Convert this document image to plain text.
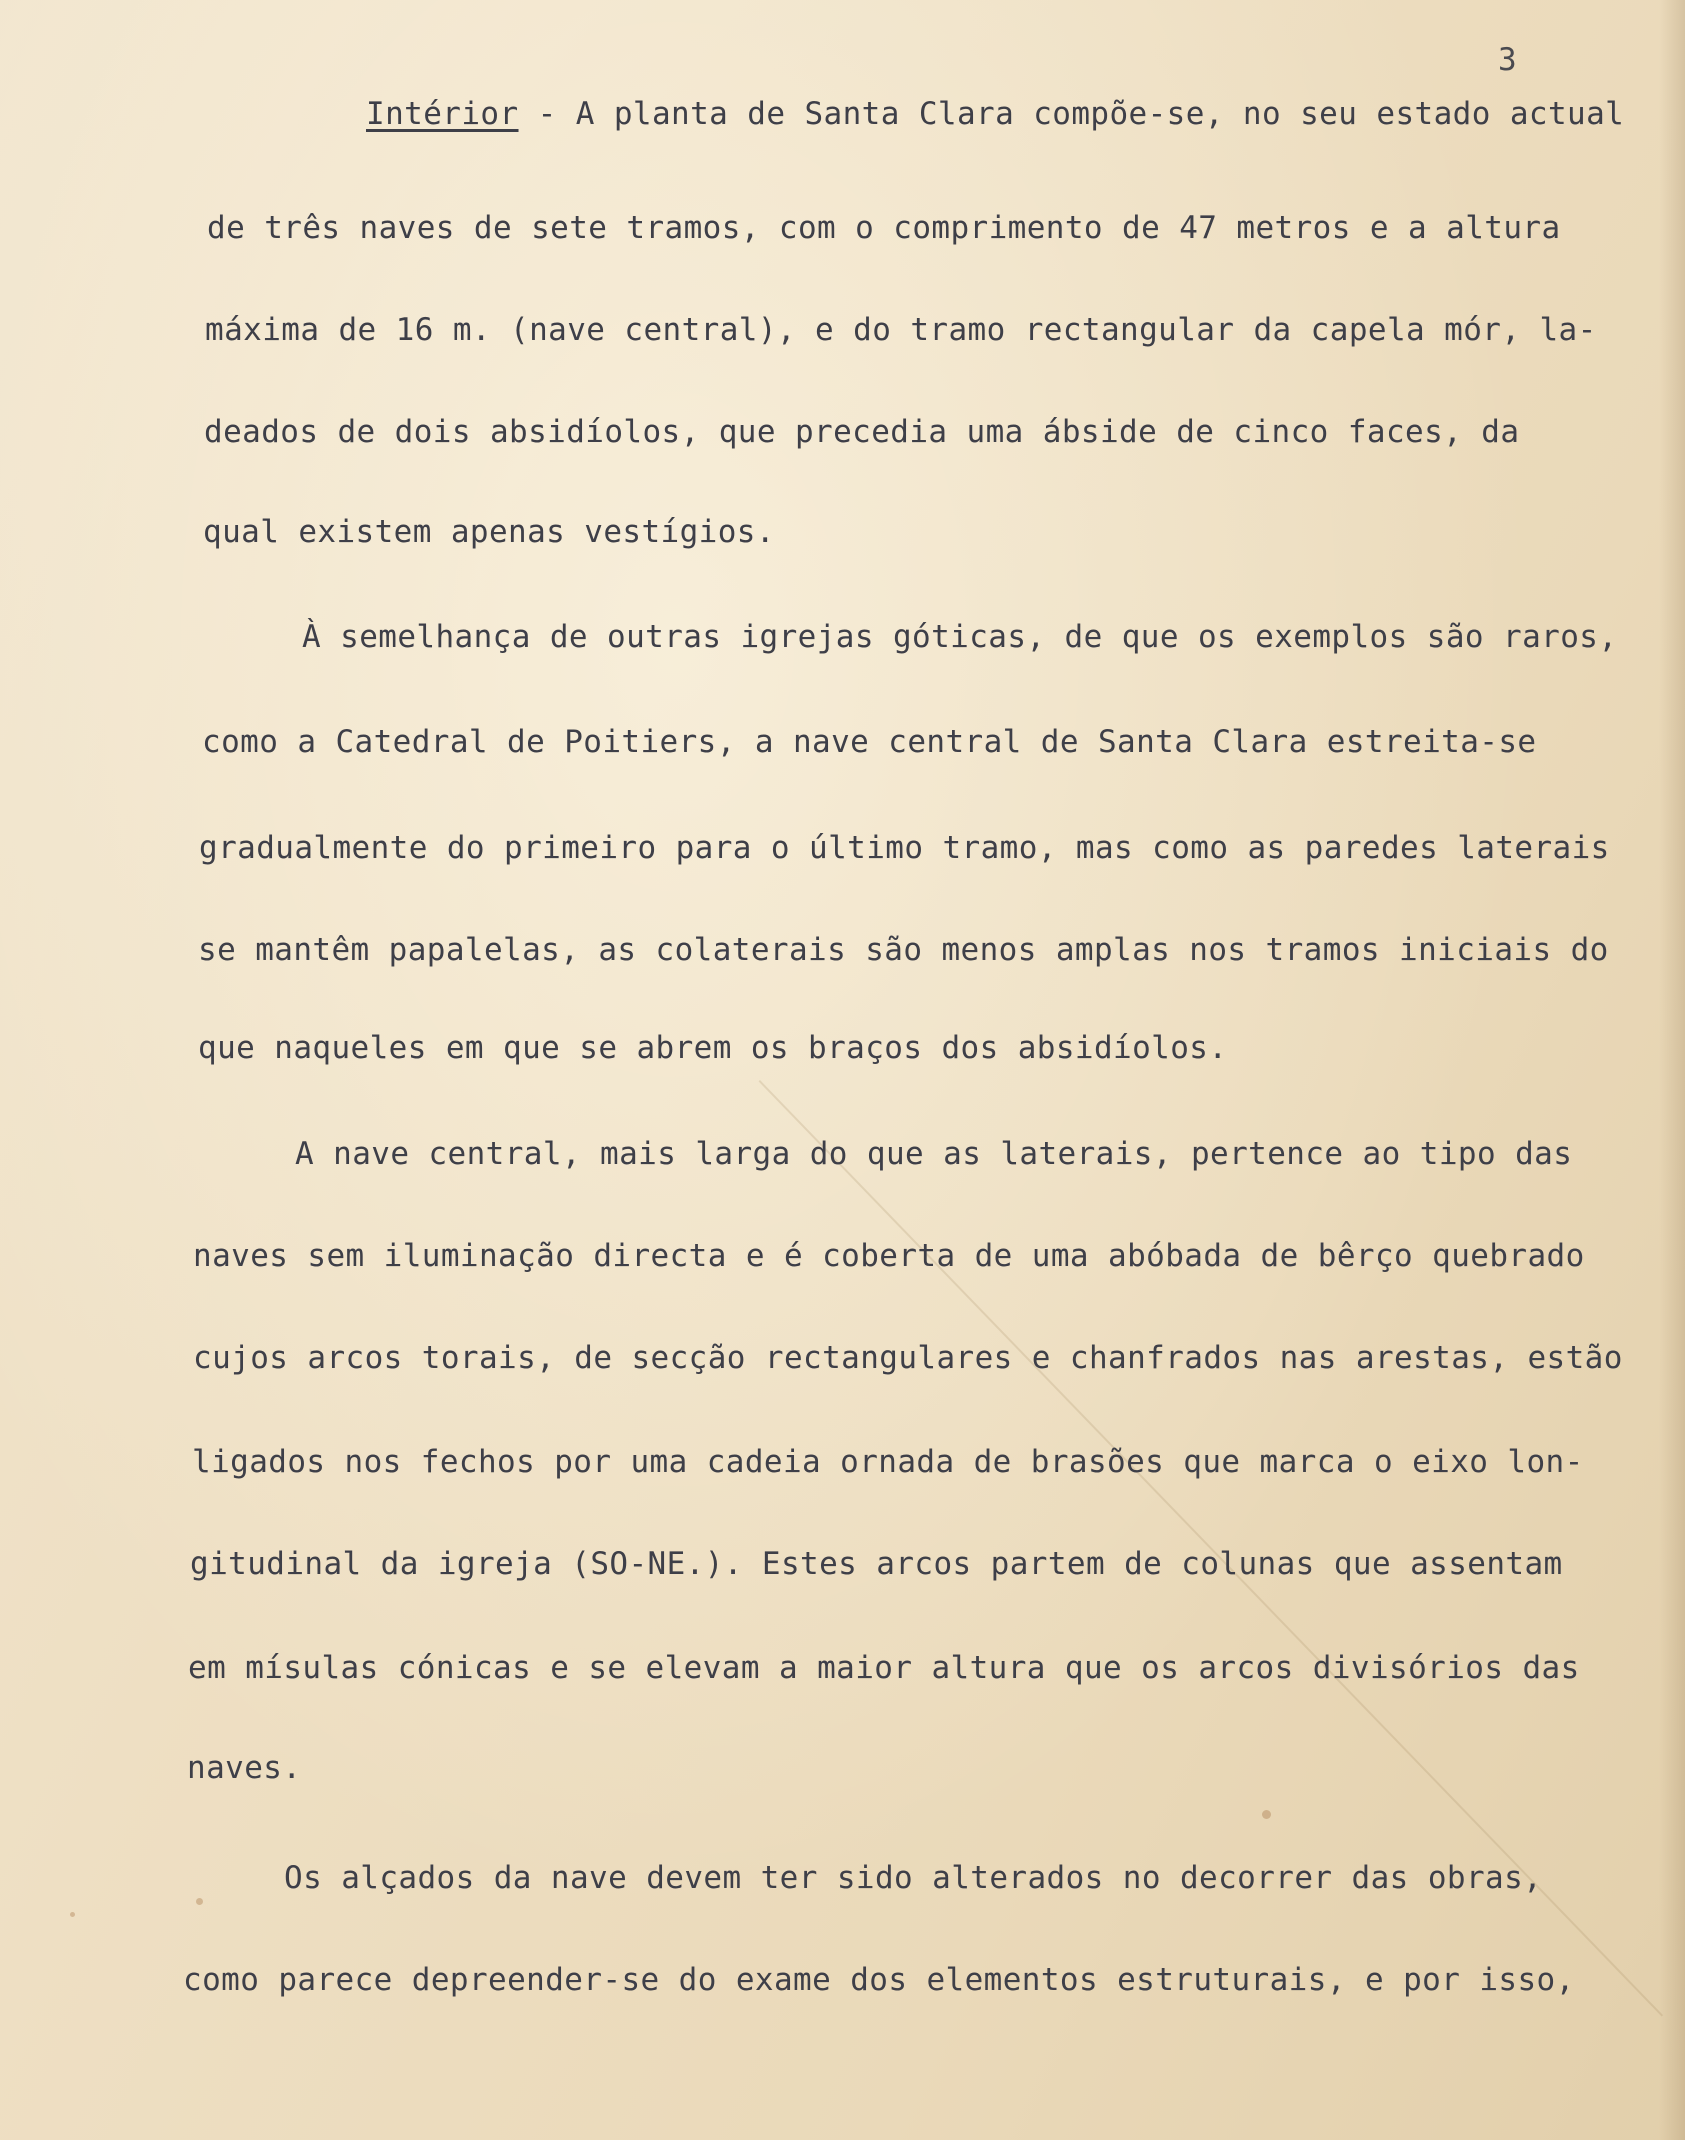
3
Intérior - A planta de Santa Clara compõe-se, no seu estado actual
de três naves de sete tramos, com o comprimento de 47 metros e a altura
máxima de 16 m. (nave central), e do tramo rectangular da capela mór, la-
deados de dois absidíolos, que precedia uma ábside de cinco faces, da
qual existem apenas vestígios.
À semelhança de outras igrejas góticas, de que os exemplos são raros,
como a Catedral de Poitiers, a nave central de Santa Clara estreita-se
gradualmente do primeiro para o último tramo, mas como as paredes laterais
se mantêm papalelas, as colaterais são menos amplas nos tramos iniciais do
que naqueles em que se abrem os braços dos absidíolos.
A nave central, mais larga do que as laterais, pertence ao tipo das
naves sem iluminação directa e é coberta de uma abóbada de bêrço quebrado
cujos arcos torais, de secção rectangulares e chanfrados nas arestas, estão
ligados nos fechos por uma cadeia ornada de brasões que marca o eixo lon-
gitudinal da igreja (SO-NE.). Estes arcos partem de colunas que assentam
em mísulas cónicas e se elevam a maior altura que os arcos divisórios das
naves.
Os alçados da nave devem ter sido alterados no decorrer das obras,
como parece depreender-se do exame dos elementos estruturais, e por isso,
